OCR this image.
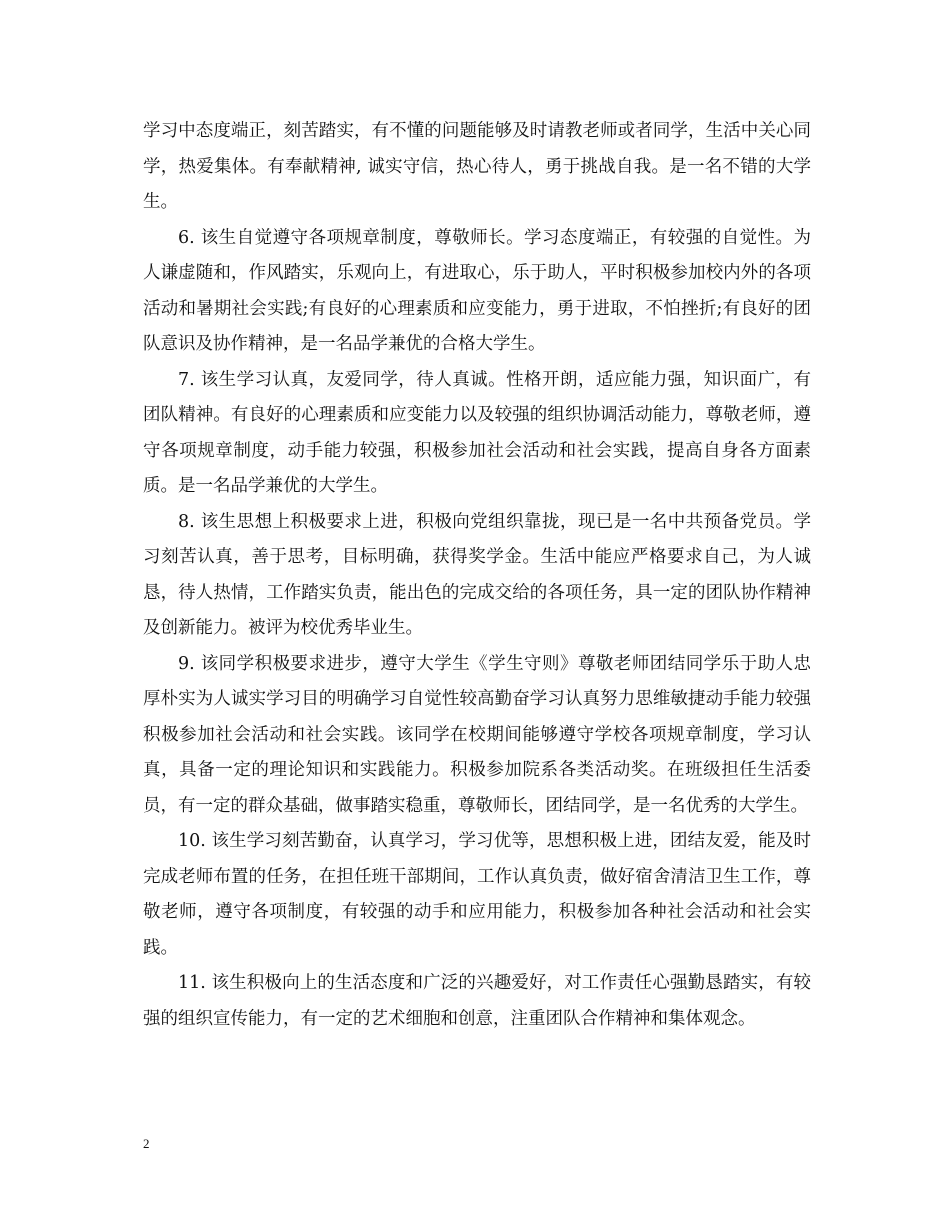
学习中态度端正，刻苦踏实，有不懂的问题能够及时请教老师或者同学，生活中关心同学，热爱集体。有奉献精神, 诚实守信，热心待人，勇于挑战自我。是一名不错的大学生。

6. 该生自觉遵守各项规章制度，尊敬师长。学习态度端正，有较强的自觉性。为人谦虚随和，作风踏实，乐观向上，有进取心，乐于助人，平时积极参加校内外的各项活动和暑期社会实践;有良好的心理素质和应变能力，勇于进取，不怕挫折;有良好的团队意识及协作精神，是一名品学兼优的合格大学生。

7. 该生学习认真，友爱同学，待人真诚。性格开朗，适应能力强，知识面广，有团队精神。有良好的心理素质和应变能力以及较强的组织协调活动能力，尊敬老师，遵守各项规章制度，动手能力较强，积极参加社会活动和社会实践，提高自身各方面素质。是一名品学兼优的大学生。

8. 该生思想上积极要求上进，积极向党组织靠拢，现已是一名中共预备党员。学习刻苦认真，善于思考，目标明确，获得奖学金。生活中能应严格要求自己，为人诚恳，待人热情，工作踏实负责，能出色的完成交给的各项任务，具一定的团队协作精神及创新能力。被评为校优秀毕业生。

9. 该同学积极要求进步，遵守大学生《学生守则》尊敬老师团结同学乐于助人忠厚朴实为人诚实学习目的明确学习自觉性较高勤奋学习认真努力思维敏捷动手能力较强积极参加社会活动和社会实践。该同学在校期间能够遵守学校各项规章制度，学习认真，具备一定的理论知识和实践能力。积极参加院系各类活动奖。在班级担任生活委员，有一定的群众基础，做事踏实稳重，尊敬师长，团结同学，是一名优秀的大学生。

10. 该生学习刻苦勤奋，认真学习，学习优等，思想积极上进，团结友爱，能及时完成老师布置的任务，在担任班干部期间，工作认真负责，做好宿舍清洁卫生工作，尊敬老师，遵守各项制度，有较强的动手和应用能力，积极参加各种社会活动和社会实践。

11. 该生积极向上的生活态度和广泛的兴趣爱好，对工作责任心强勤恳踏实，有较强的组织宣传能力，有一定的艺术细胞和创意，注重团队合作精神和集体观念。

2
